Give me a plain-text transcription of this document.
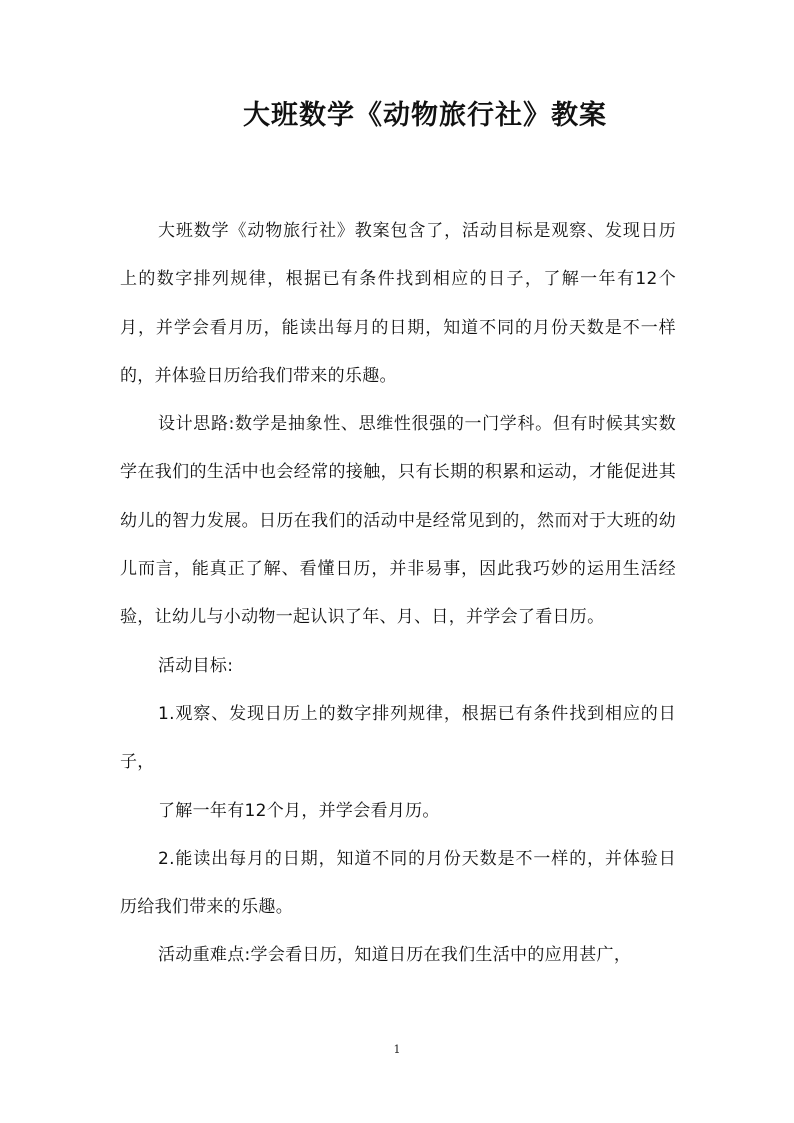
大班数学《动物旅行社》教案

大班数学《动物旅行社》教案包含了，活动目标是观察、发现日历上的数字排列规律，根据已有条件找到相应的日子，了解一年有12个月，并学会看月历，能读出每月的日期，知道不同的月份天数是不一样的，并体验日历给我们带来的乐趣。

设计思路:数学是抽象性、思维性很强的一门学科。但有时候其实数学在我们的生活中也会经常的接触，只有长期的积累和运动，才能促进其幼儿的智力发展。日历在我们的活动中是经常见到的，然而对于大班的幼儿而言，能真正了解、看懂日历，并非易事，因此我巧妙的运用生活经验，让幼儿与小动物一起认识了年、月、日，并学会了看日历。

活动目标:

1.观察、发现日历上的数字排列规律，根据已有条件找到相应的日子，

了解一年有12个月，并学会看月历。

2.能读出每月的日期，知道不同的月份天数是不一样的，并体验日历给我们带来的乐趣。

活动重难点:学会看日历，知道日历在我们生活中的应用甚广，

1
